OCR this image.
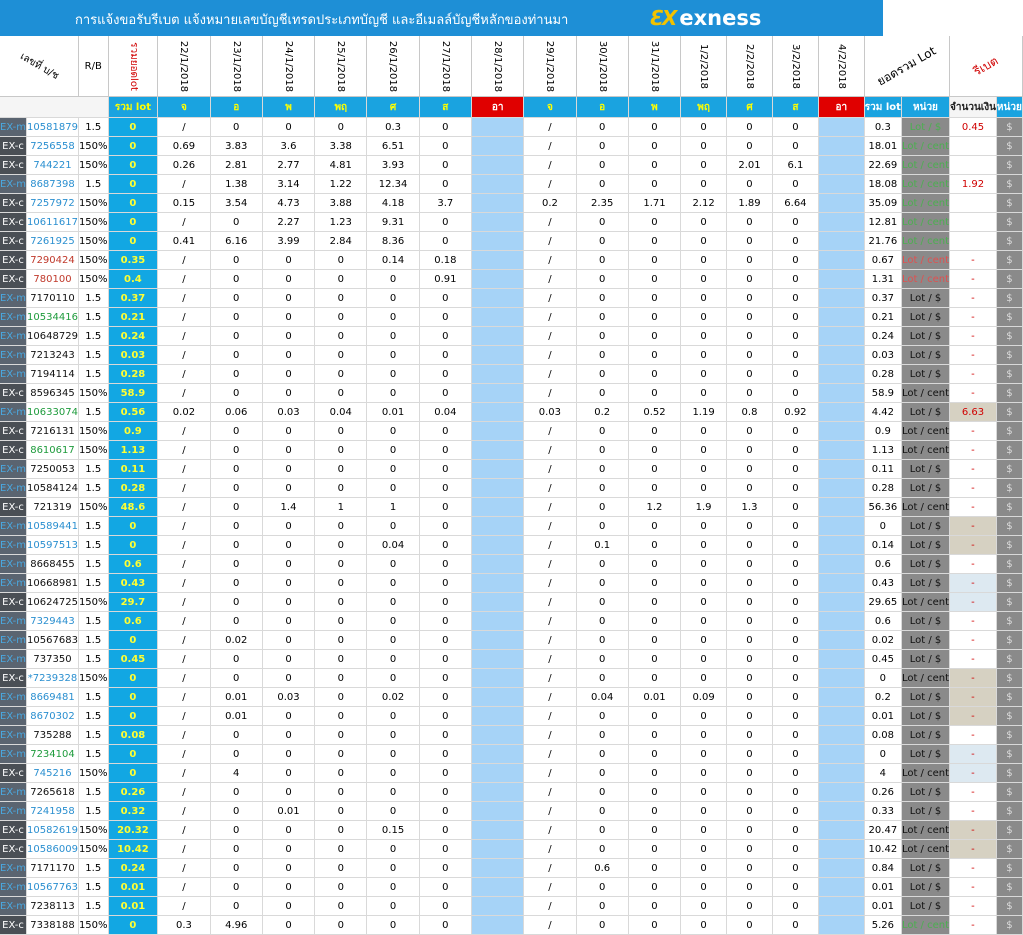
การแจ้งขอรับรีเบต แจ้งหมายเลขบัญชีเทรดประเภทบัญชี และอีเมลล์บัญชีหลักของท่านมา	ƐX exness
เลขที่ บ/ช		R/B	รวมยอดlot	22/1/2018	23/1/2018	24/1/2018	25/1/2018	26/1/2018	27/1/2018	28/1/2018	29/1/2018	30/1/2018	31/1/2018	1/2/2018	2/2/2018	3/2/2018	4/2/2018	ยอดรวม Lot		รีเบต	
			รวม lot	จ	อ	พ	พฤ	ศ	ส	อา	จ	อ	พ	พฤ	ศ	ส	อา	รวม lot	หน่วย	จำนวนเงิน	หน่วย
EX-m	10581879	1.5	0	/	0	0	0	0.3	0		/	0	0	0	0	0		0.3	Lot / $	0.45	$
EX-c	7256558	150%	0	0.69	3.83	3.6	3.38	6.51	0		/	0	0	0	0	0		18.01	Lot / cent		$
EX-c	744221	150%	0	0.26	2.81	2.77	4.81	3.93	0		/	0	0	0	2.01	6.1		22.69	Lot / cent		$
EX-m	8687398	1.5	0	/	1.38	3.14	1.22	12.34	0		/	0	0	0	0	0		18.08	Lot / cent	1.92	$
EX-c	7257972	150%	0	0.15	3.54	4.73	3.88	4.18	3.7		0.2	2.35	1.71	2.12	1.89	6.64		35.09	Lot / cent		$
EX-c	10611617	150%	0	/	0	2.27	1.23	9.31	0		/	0	0	0	0	0		12.81	Lot / cent		$
EX-c	7261925	150%	0	0.41	6.16	3.99	2.84	8.36	0		/	0	0	0	0	0		21.76	Lot / cent		$
EX-c	7290424	150%	0.35	/	0	0	0	0.14	0.18		/	0	0	0	0	0		0.67	Lot / cent	-	$
EX-c	780100	150%	0.4	/	0	0	0	0	0.91		/	0	0	0	0	0		1.31	Lot / cent	-	$
EX-m	7170110	1.5	0.37	/	0	0	0	0	0		/	0	0	0	0	0		0.37	Lot / $	-	$
EX-m	10534416	1.5	0.21	/	0	0	0	0	0		/	0	0	0	0	0		0.21	Lot / $	-	$
EX-m	10648729	1.5	0.24	/	0	0	0	0	0		/	0	0	0	0	0		0.24	Lot / $	-	$
EX-m	7213243	1.5	0.03	/	0	0	0	0	0		/	0	0	0	0	0		0.03	Lot / $	-	$
EX-m	7194114	1.5	0.28	/	0	0	0	0	0		/	0	0	0	0	0		0.28	Lot / $	-	$
EX-c	8596345	150%	58.9	/	0	0	0	0	0		/	0	0	0	0	0		58.9	Lot / cent	-	$
EX-m	10633074	1.5	0.56	0.02	0.06	0.03	0.04	0.01	0.04		0.03	0.2	0.52	1.19	0.8	0.92		4.42	Lot / $	6.63	$
EX-c	7216131	150%	0.9	/	0	0	0	0	0		/	0	0	0	0	0		0.9	Lot / cent	-	$
EX-c	8610617	150%	1.13	/	0	0	0	0	0		/	0	0	0	0	0		1.13	Lot / cent	-	$
EX-m	7250053	1.5	0.11	/	0	0	0	0	0		/	0	0	0	0	0		0.11	Lot / $	-	$
EX-m	10584124	1.5	0.28	/	0	0	0	0	0		/	0	0	0	0	0		0.28	Lot / $	-	$
EX-c	721319	150%	48.6	/	0	1.4	1	1	0		/	0	1.2	1.9	1.3	0		56.36	Lot / cent	-	$
EX-m	10589441	1.5	0	/	0	0	0	0	0		/	0	0	0	0	0		0	Lot / $	-	$
EX-m	10597513	1.5	0	/	0	0	0	0.04	0		/	0.1	0	0	0	0		0.14	Lot / $	-	$
EX-m	8668455	1.5	0.6	/	0	0	0	0	0		/	0	0	0	0	0		0.6	Lot / $	-	$
EX-m	10668981	1.5	0.43	/	0	0	0	0	0		/	0	0	0	0	0		0.43	Lot / $	-	$
EX-c	10624725	150%	29.7	/	0	0	0	0	0		/	0	0	0	0	0		29.65	Lot / cent	-	$
EX-m	7329443	1.5	0.6	/	0	0	0	0	0		/	0	0	0	0	0		0.6	Lot / $	-	$
EX-m	10567683	1.5	0	/	0.02	0	0	0	0		/	0	0	0	0	0		0.02	Lot / $	-	$
EX-m	737350	1.5	0.45	/	0	0	0	0	0		/	0	0	0	0	0		0.45	Lot / $	-	$
EX-c	*7239328	150%	0	/	0	0	0	0	0		/	0	0	0	0	0		0	Lot / cent	-	$
EX-m	8669481	1.5	0	/	0.01	0.03	0	0.02	0		/	0.04	0.01	0.09	0	0		0.2	Lot / $	-	$
EX-m	8670302	1.5	0	/	0.01	0	0	0	0		/	0	0	0	0	0		0.01	Lot / $	-	$
EX-m	735288	1.5	0.08	/	0	0	0	0	0		/	0	0	0	0	0		0.08	Lot / $	-	$
EX-m	7234104	1.5	0	/	0	0	0	0	0		/	0	0	0	0	0		0	Lot / $	-	$
EX-c	745216	150%	0	/	4	0	0	0	0		/	0	0	0	0	0		4	Lot / cent	-	$
EX-m	7265618	1.5	0.26	/	0	0	0	0	0		/	0	0	0	0	0		0.26	Lot / $	-	$
EX-m	7241958	1.5	0.32	/	0	0.01	0	0	0		/	0	0	0	0	0		0.33	Lot / $	-	$
EX-c	10582619	150%	20.32	/	0	0	0	0.15	0		/	0	0	0	0	0		20.47	Lot / cent	-	$
EX-c	10586009	150%	10.42	/	0	0	0	0	0		/	0	0	0	0	0		10.42	Lot / cent	-	$
EX-m	7171170	1.5	0.24	/	0	0	0	0	0		/	0.6	0	0	0	0		0.84	Lot / $	-	$
EX-m	10567763	1.5	0.01	/	0	0	0	0	0		/	0	0	0	0	0		0.01	Lot / $	-	$
EX-m	7238113	1.5	0.01	/	0	0	0	0	0		/	0	0	0	0	0		0.01	Lot / $	-	$
EX-c	7338188	150%	0	0.3	4.96	0	0	0	0		/	0	0	0	0	0		5.26	Lot / cent	-	$
